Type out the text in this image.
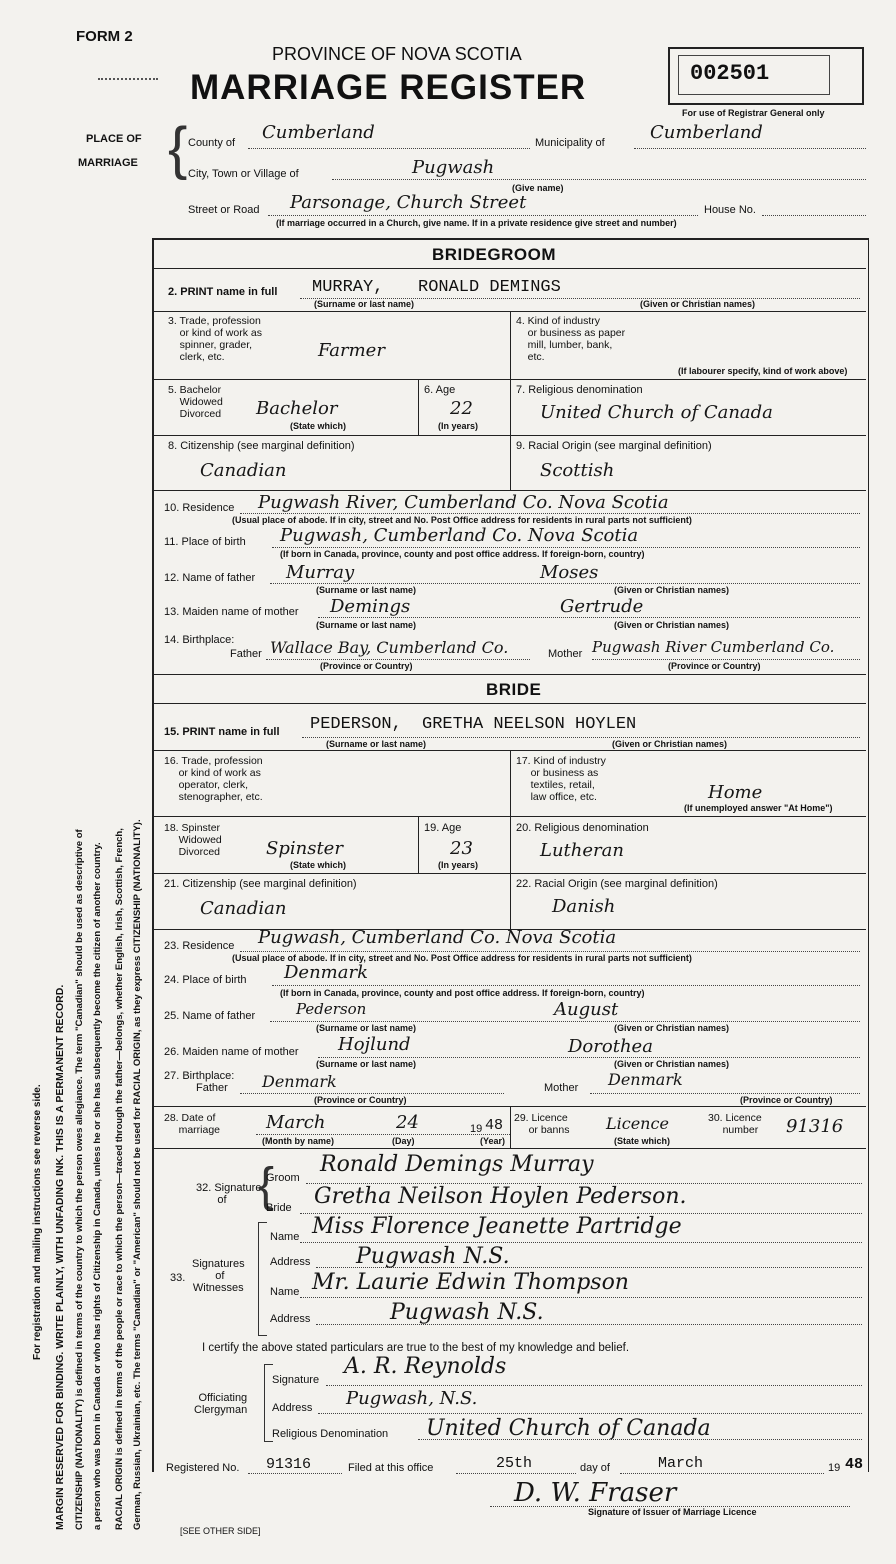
FORM 2
PROVINCE OF NOVA SCOTIA
MARRIAGE REGISTER	002501
For use of Registrar General only
PLACE OF
MARRIAGE { County of Cumberland	Municipality of	Cumberland
City, Town or Village of	Pugwash
(Give name)
Street or Road Parsonage, Church Street	House No.
(If marriage occurred in a Church, give name. If in a private residence give street and number)
For registration and mailing instructions see reverse side. MARGIN RESERVED FOR BINDING. WRITE PLAINLY, WITH UNFADING INK. THIS IS A PERMANENT RECORD. CITIZENSHIP (NATIONALITY) is defined in terms of the country to which the person owes allegiance. The term "Canadian" should be used as descriptive of a person who was born in Canada or who has rights of Citizenship in Canada, unless he or she has subsequently become the citizen of another country. RACIAL ORIGIN is defined in terms of the people or race to which the person—traced through the father—belongs, whether English, Irish, Scottish, French, German, Russian, Ukrainian, etc. The terms "Canadian" or "American" should not be used for RACIAL ORIGIN, as they express CITIZENSHIP (NATIONALITY).
BRIDEGROOM
2. PRINT name in full MURRAY, RONALD DEMINGS
(Surname or last name)	(Given or Christian names)
3. Trade, profession
or kind of work as
spinner, grader,
clerk, etc.	Farmer
4. Kind of industry
or business as paper
mill, lumber, bank,
etc.
(If labourer specify, kind of work above)
5. Bachelor
Widowed
Divorced Bachelor
(State which)
6. Age
22
(In years)
7. Religious denomination
United Church of Canada
8. Citizenship (see marginal definition)
Canadian
9. Racial Origin (see marginal definition)
Scottish
10. Residence Pugwash River, Cumberland Co. Nova Scotia
(Usual place of abode. If in city, street and No. Post Office address for residents in rural parts not sufficient)
11. Place of birth Pugwash, Cumberland Co. Nova Scotia
(If born in Canada, province, county and post office address. If foreign-born, country)
12. Name of father Murray	Moses
(Surname or last name)	(Given or Christian names)
13. Maiden name of mother Demings	Gertrude
(Surname or last name)	(Given or Christian names)
14. Birthplace:
Father Wallace Bay, Cumberland Co.	Mother Pugwash River Cumberland Co.
(Province or Country)	(Province or Country)
BRIDE
15. PRINT name in full PEDERSON, GRETHA NEELSON HOYLEN
(Surname or last name)	(Given or Christian names)
16. Trade, profession
or kind of work as
operator, clerk,
stenographer, etc.
17. Kind of industry
or business as
textiles, retail,
law office, etc.	Home
(If unemployed answer "At Home")
18. Spinster
Widowed
Divorced	Spinster
(State which)
19. Age
23
(In years)
20. Religious denomination
Lutheran
21. Citizenship (see marginal definition)
Canadian
22. Racial Origin (see marginal definition)
Danish
23. Residence Pugwash, Cumberland Co. Nova Scotia
(Usual place of abode. If in city, street and No. Post Office address for residents in rural parts not sufficient)
24. Place of birth Denmark
(If born in Canada, province, county and post office address. If foreign-born, country)
25. Name of father	Pederson	August
(Surname or last name)	(Given or Christian names)
26. Maiden name of mother Hojlund	Dorothea
(Surname or last name)	(Given or Christian names)
27. Birthplace:
Father Denmark	Mother Denmark
(Province or Country)	(Province or Country)
28. Date of
marriage	March	24	19 48
(Month by name)	(Day)	(Year)
29. Licence
or banns Licence
(State which)
30. Licence
number 91316
32. Signature
of {
Groom
Ronald Demings Murray
Bride Gretha Neilson Hoylen Pederson.
33.
Signatures
of
Witnesses
Name Miss Florence Jeanette Partridge
Address Pugwash N.S.
Name Mr. Laurie Edwin Thompson
Address	Pugwash N.S.
I certify the above stated particulars are true to the best of my knowledge and belief.
Officiating
Clergyman
Signature
A. R. Reynolds
Address Pugwash, N.S.
Religious Denomination United Church of Canada
Registered No. 91316	Filed at this office	25th	day of	March	19 48
D. W. Fraser
Signature of Issuer of Marriage Licence
[SEE OTHER SIDE]
